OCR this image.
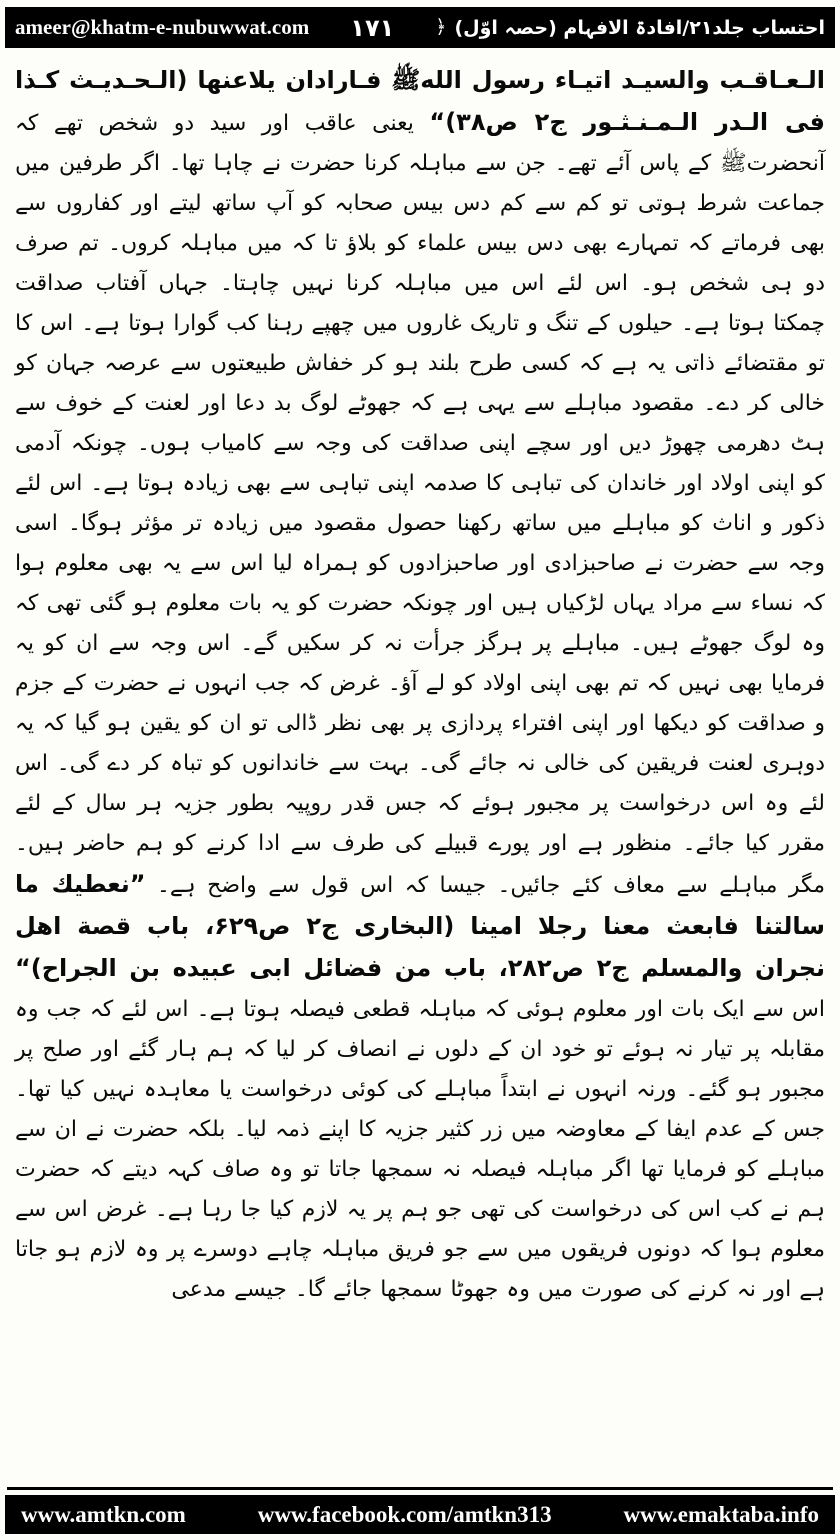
ameer@khatm-e-nubuwwat.com ١٧١ ﴿ احتساب جلد۲۱/افادۃ الافہام (حصہ اوّل)
الـعـاقـب والسيـد اتيـاء رسول اللهﷺ فـارادان يلاعنها (الـحـديـث كـذا فى الـدر الـمـنـثـور ج۲ ص۳۸)“ یعنی عاقب اور سید دو شخص تھے کہ آنحضرتﷺ کے پاس آئے تھے۔ جن سے مباہلہ کرنا حضرت نے چاہا تھا۔ اگر طرفین میں جماعت شرط ہوتی تو کم سے کم دس بیس صحابہ کو آپ ساتھ لیتے اور کفاروں سے بھی فرماتے کہ تمہارے بھی دس بیس علماء کو بلاؤ تا کہ میں مباہلہ کروں۔ تم صرف دو ہی شخص ہو۔ اس لئے اس میں مباہلہ کرنا نہیں چاہتا۔ جہاں آفتاب صداقت چمکتا ہوتا ہے۔ حیلوں کے تنگ و تاریک غاروں میں چھپے رہنا کب گوارا ہوتا ہے۔ اس کا تو مقتضائے ذاتی یہ ہے کہ کسی طرح بلند ہو کر خفاش طبیعتوں سے عرصہ جہان کو خالی کر دے۔ مقصود مباہلے سے یہی ہے کہ جھوٹے لوگ بد دعا اور لعنت کے خوف سے ہٹ دھرمی چھوڑ دیں اور سچے اپنی صداقت کی وجہ سے کامیاب ہوں۔ چونکہ آدمی کو اپنی اولاد اور خاندان کی تباہی کا صدمہ اپنی تباہی سے بھی زیادہ ہوتا ہے۔ اس لئے ذکور و اناث کو مباہلے میں ساتھ رکھنا حصول مقصود میں زیادہ تر مؤثر ہوگا۔ اسی وجہ سے حضرت نے صاحبزادی اور صاحبزادوں کو ہمراہ لیا اس سے یہ بھی معلوم ہوا کہ نساء سے مراد یہاں لڑکیاں ہیں اور چونکہ حضرت کو یہ بات معلوم ہو گئی تھی کہ وہ لوگ جھوٹے ہیں۔ مباہلے پر ہرگز جرأت نہ کر سکیں گے۔ اس وجہ سے ان کو یہ فرمایا بھی نہیں کہ تم بھی اپنی اولاد کو لے آؤ۔ غرض کہ جب انہوں نے حضرت کے جزم و صداقت کو دیکھا اور اپنی افتراء پردازی پر بھی نظر ڈالی تو ان کو یقین ہو گیا کہ یہ دوہری لعنت فریقین کی خالی نہ جائے گی۔ بہت سے خاندانوں کو تباہ کر دے گی۔ اس لئے وہ اس درخواست پر مجبور ہوئے کہ جس قدر روپیہ بطور جزیہ ہر سال کے لئے مقرر کیا جائے۔ منظور ہے اور پورے قبیلے کی طرف سے ادا کرنے کو ہم حاضر ہیں۔ مگر مباہلے سے معاف کئے جائیں۔ جیسا کہ اس قول سے واضح ہے۔ ”نعطيك ما سالتنا فابعث معنا رجلا امينا (البخارى ج۲ ص۶۲۹، باب قصة اهل نجران والمسلم ج۲ ص۲۸۲، باب من فضائل ابى عبيده بن الجراح)“ اس سے ایک بات اور معلوم ہوئی کہ مباہلہ قطعی فیصلہ ہوتا ہے۔ اس لئے کہ جب وہ مقابلہ پر تیار نہ ہوئے تو خود ان کے دلوں نے انصاف کر لیا کہ ہم ہار گئے اور صلح پر مجبور ہو گئے۔ ورنہ انہوں نے ابتداً مباہلے کی کوئی درخواست یا معاہدہ نہیں کیا تھا۔ جس کے عدم ایفا کے معاوضہ میں زر کثیر جزیہ کا اپنے ذمہ لیا۔ بلکہ حضرت نے ان سے مباہلے کو فرمایا تھا اگر مباہلہ فیصلہ نہ سمجھا جاتا تو وہ صاف کہہ دیتے کہ حضرت ہم نے کب اس کی درخواست کی تھی جو ہم پر یہ لازم کیا جا رہا ہے۔ غرض اس سے معلوم ہوا کہ دونوں فریقوں میں سے جو فریق مباہلہ چاہے دوسرے پر وہ لازم ہو جاتا ہے اور نہ کرنے کی صورت میں وہ جھوٹا سمجھا جائے گا۔ جیسے مدعی
www.amtkn.com	www.facebook.com/amtkn313	www.emaktaba.info
